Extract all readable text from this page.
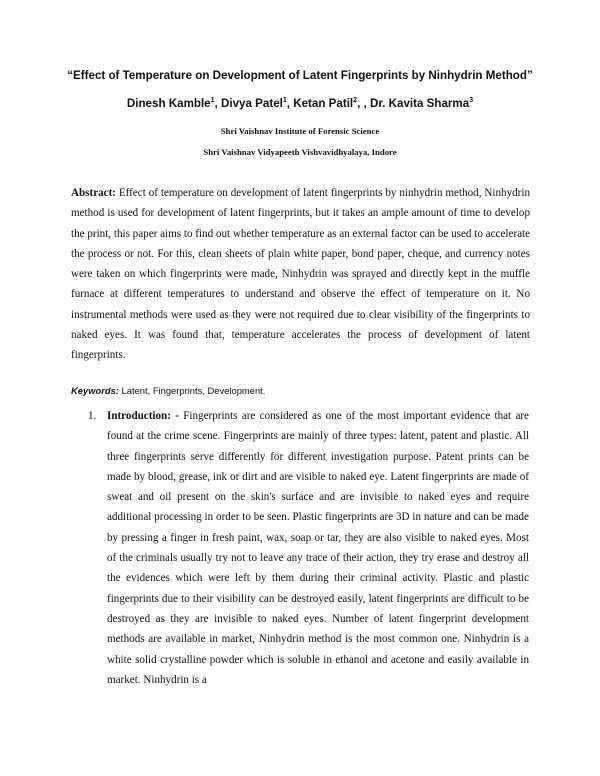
“Effect of Temperature on Development of Latent Fingerprints by Ninhydrin Method”
Dinesh Kamble$^1$, Divya Patel$^1$, Ketan Patil$^2$, , Dr. Kavita Sharma$^3$
Shri Vaishnav Institute of Forensic Science
Shri Vaishnav Vidyapeeth Vishvavidhyalaya, Indore

Abstract: Effect of temperature on development of latent fingerprints by ninhydrin method, Ninhydrin method is used for development of latent fingerprints, but it takes an ample amount of time to develop the print, this paper aims to find out whether temperature as an external factor can be used to accelerate the process or not. For this, clean sheets of plain white paper, bond paper, cheque, and currency notes were taken on which fingerprints were made, Ninhydrin was sprayed and directly kept in the muffle furnace at different temperatures to understand and observe the effect of temperature on it. No instrumental methods were used as they were not required due to clear visibility of the fingerprints to naked eyes. It was found that, temperature accelerates the process of development of latent fingerprints.

Keywords: Latent, Fingerprints, Development.
1. Introduction: - Fingerprints are considered as one of the most important evidence that are found at the crime scene. Fingerprints are mainly of three types: latent, patent and plastic. All three fingerprints serve differently for different investigation purpose. Patent prints can be made by blood, grease, ink or dirt and are visible to naked eye. Latent fingerprints are made of sweat and oil present on the skin's surface and are invisible to naked eyes and require additional processing in order to be seen. Plastic fingerprints are 3D in nature and can be made by pressing a finger in fresh paint, wax, soap or tar, they are also visible to naked eyes. Most of the criminals usually try not to leave any trace of their action, they try erase and destroy all the evidences which were left by them during their criminal activity. Plastic and plastic fingerprints due to their visibility can be destroyed easily, latent fingerprints are difficult to be destroyed as they are invisible to naked eyes. Number of latent fingerprint development methods are available in market, Ninhydrin method is the most common one. Ninhydrin is a white solid crystalline powder which is soluble in ethanol and acetone and easily available in market. Ninhydrin is a
